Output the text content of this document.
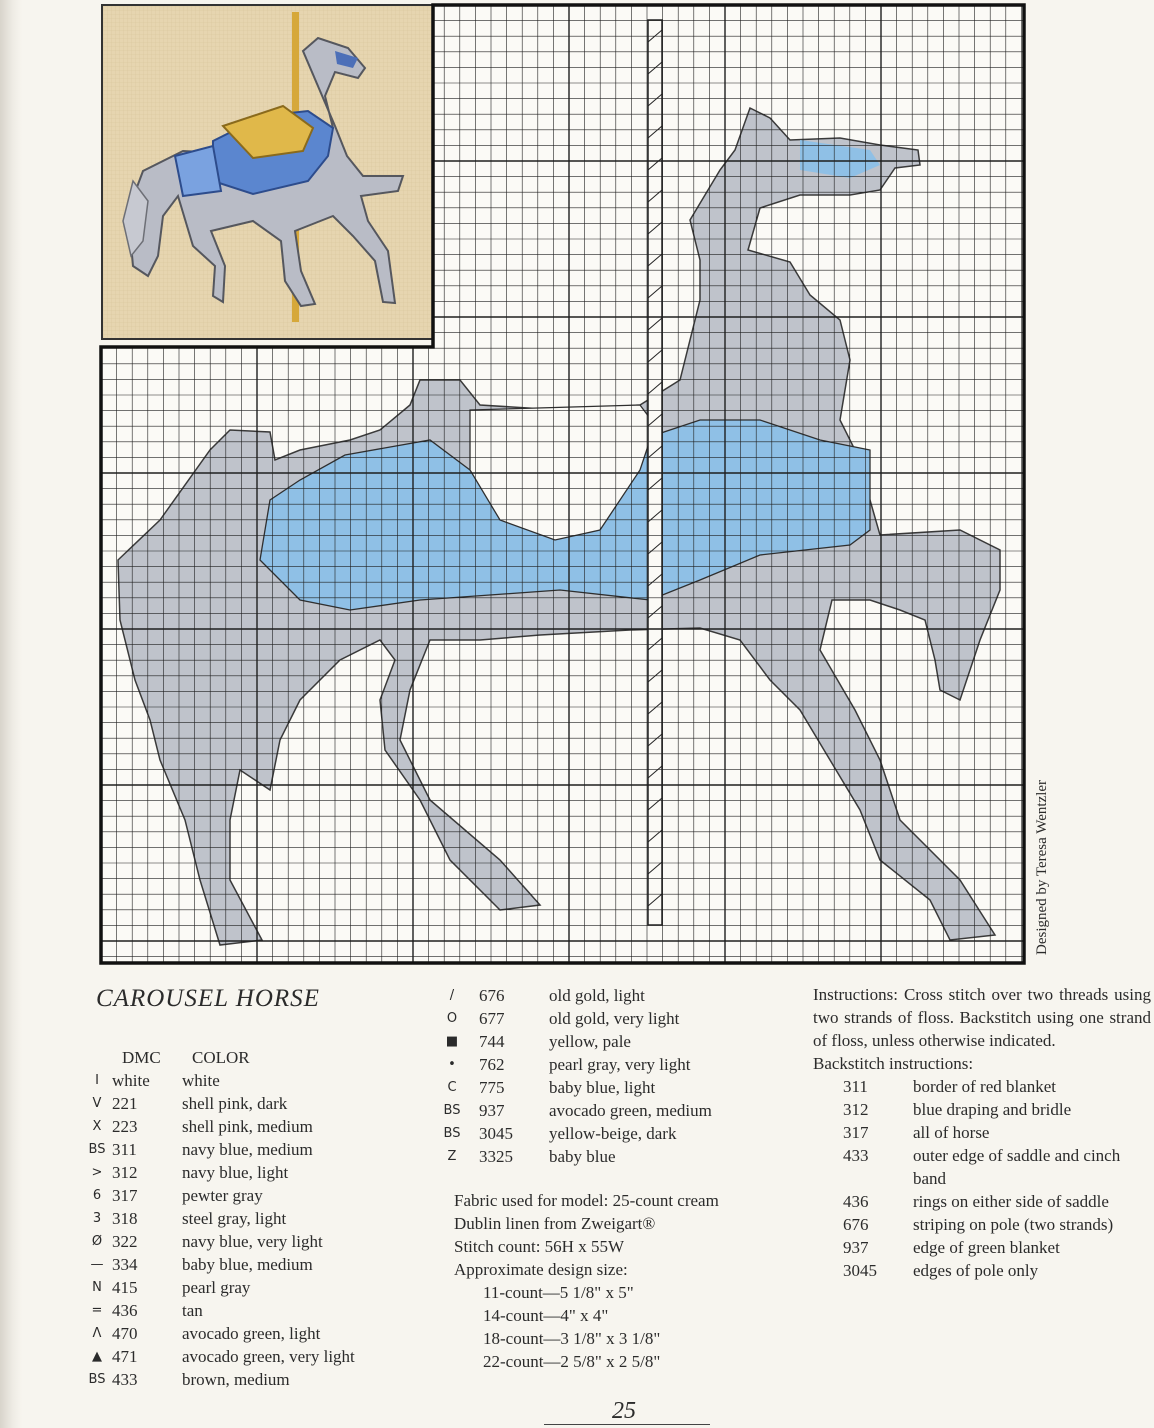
Designed by Teresa Wentzler
CAROUSEL HORSE
DMC	COLOR
I white	white
V 221	shell pink, dark
X 223	shell pink, medium
BS 311	navy blue, medium
> 312	navy blue, light
6 317	pewter gray
3 318	steel gray, light
Ø 322	navy blue, very light
— 334	baby blue, medium
N 415	pearl gray
= 436	tan
Λ 470	avocado green, light
▲ 471	avocado green, very light
BS 433	brown, medium
/	676	old gold, light
O	677	old gold, very light
■	744	yellow, pale
•	762	pearl gray, very light
C	775	baby blue, light
BS	937	avocado green, medium
BS	3045	yellow-beige, dark
Z	3325	baby blue
Fabric used for model: 25-count cream
Dublin linen from Zweigart®
Stitch count: 56H x 55W
Approximate design size:
11-count—5 1/8" x 5"
14-count—4" x 4"
18-count—3 1/8" x 3 1/8"
22-count—2 5/8" x 2 5/8"

Instructions: Cross stitch over two threads using two strands of floss. Backstitch using one strand of floss, unless otherwise indicated.

Backstitch instructions:
311	border of red blanket
312	blue draping and bridle
317	all of horse
433	outer edge of saddle and cinch band
436	rings on either side of saddle
676	striping on pole (two strands)
937	edge of green blanket
3045	edges of pole only
25
